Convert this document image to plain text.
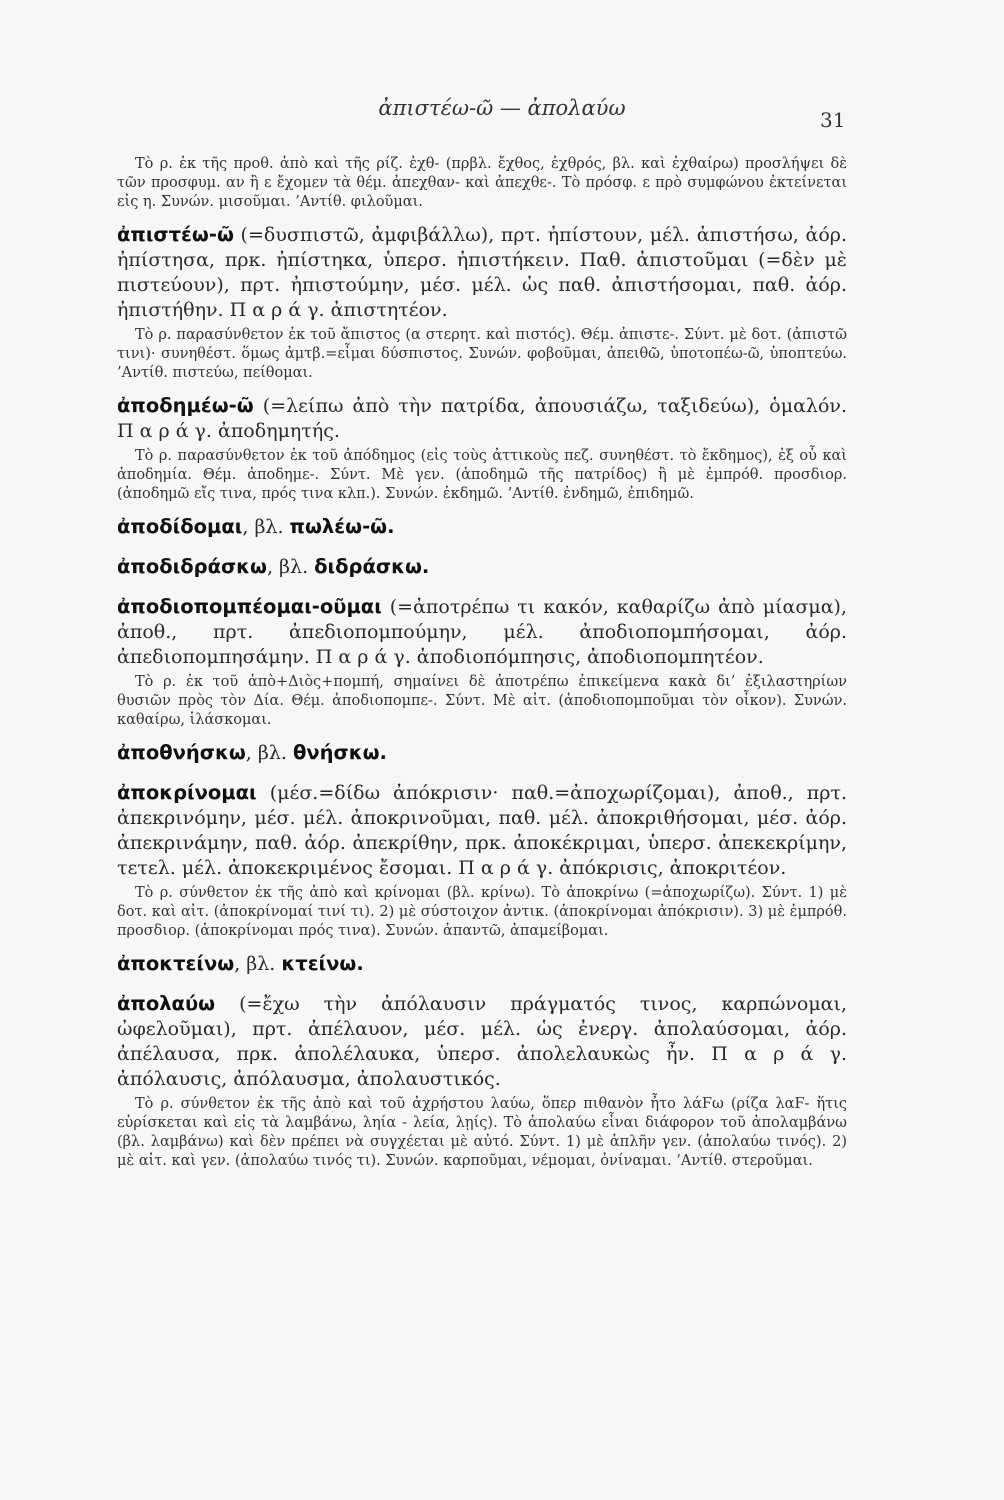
ἀπιστέω-ῶ — ἀπολαύω	31

Τὸ ρ. ἐκ τῆς προθ. ἀπὸ καὶ τῆς ρίζ. ἐχθ- (πρβλ. ἔχθος, ἐχθρός, βλ. καὶ ἐχθαίρω) προσλήψει δὲ τῶν προσφυμ. αν ἢ ε ἔχομεν τὰ θέμ. ἀπεχθαν- καὶ ἀπεχθε-. Τὸ πρόσφ. ε πρὸ συμφώνου ἐκτείνεται εἰς η. Συνών. μισοῦμαι. ’Αντίθ. φιλοῦμαι.

ἀπιστέω-ῶ (=δυσπιστῶ, ἀμφιβάλλω), πρτ. ἠπίστουν, μέλ. ἀπιστήσω, ἀόρ. ἠπίστησα, πρκ. ἠπίστηκα, ὑπερσ. ἠπιστήκειν. Παθ. ἀπιστοῦμαι (=δὲν μὲ πιστεύουν), πρτ. ἠπιστούμην, μέσ. μέλ. ὡς παθ. ἀπιστήσομαι, παθ. ἀόρ. ἠπιστήθην. Π α ρ ά γ. ἀπιστητέον.

Τὸ ρ. παρασύνθετον ἐκ τοῦ ἄπιστος (α στερητ. καὶ πιστός). Θέμ. ἀπιστε-. Σύντ. μὲ δοτ. (ἀπιστῶ τινι)· συνηθέστ. ὅμως ἀμτβ.=εἶμαι δύσπιστος. Συνών. φοβοῦμαι, ἀπειθῶ, ὑποτοπέω-ῶ, ὑποπτεύω. ’Αντίθ. πιστεύω, πείθομαι.

ἀποδημέω-ῶ (=λείπω ἀπὸ τὴν πατρίδα, ἀπουσιάζω, ταξιδεύω), ὁμαλόν. Π α ρ ά γ. ἀποδημητής.

Τὸ ρ. παρασύνθετον ἐκ τοῦ ἀπόδημος (εἰς τοὺς ἀττικοὺς πεζ. συνηθέστ. τὸ ἔκδημος), ἐξ οὗ καὶ ἀποδημία. Θέμ. ἀποδημε-. Σύντ. Μὲ γεν. (ἀποδημῶ τῆς πατρίδος) ἢ μὲ ἐμπρόθ. προσδιορ. (ἀποδημῶ εἴς τινα, πρός τινα κλπ.). Συνών. ἐκδημῶ. ’Αντίθ. ἐνδημῶ, ἐπιδημῶ.

ἀποδίδομαι, βλ. πωλέω-ῶ.

ἀποδιδράσκω, βλ. διδράσκω.

ἀποδιοπομπέομαι-οῦμαι (=ἀποτρέπω τι κακόν, καθαρίζω ἀπὸ μίασμα), ἀποθ., πρτ. ἀπεδιοπομπούμην, μέλ. ἀποδιοπομπήσομαι, ἀόρ. ἀπεδιοπομπησάμην. Π α ρ ά γ. ἀποδιοπόμπησις, ἀποδιοπομπητέον.

Τὸ ρ. ἐκ τοῦ ἀπὸ+Διὸς+πομπή, σημαίνει δὲ ἀποτρέπω ἐπικείμενα κακὰ δι’ ἐξιλαστηρίων θυσιῶν πρὸς τὸν Δία. Θέμ. ἀποδιοπομπε-. Σύντ. Μὲ αἰτ. (ἀποδιοπομποῦμαι τὸν οἶκον). Συνών. καθαίρω, ἱλάσκομαι.

ἀποθνήσκω, βλ. θνήσκω.

ἀποκρίνομαι (μέσ.=δίδω ἀπόκρισιν· παθ.=ἀποχωρίζομαι), ἀποθ., πρτ. ἀπεκρινόμην, μέσ. μέλ. ἀποκρινοῦμαι, παθ. μέλ. ἀποκριθήσομαι, μέσ. ἀόρ. ἀπεκρινάμην, παθ. ἀόρ. ἀπεκρίθην, πρκ. ἀποκέκριμαι, ὑπερσ. ἀπεκεκρίμην, τετελ. μέλ. ἀποκεκριμένος ἔσομαι. Π α ρ ά γ. ἀπόκρισις, ἀποκριτέον.

Τὸ ρ. σύνθετον ἐκ τῆς ἀπὸ καὶ κρίνομαι (βλ. κρίνω). Τὸ ἀποκρίνω (=ἀποχωρίζω). Σύντ. 1) μὲ δοτ. καὶ αἰτ. (ἀποκρίνομαί τινί τι). 2) μὲ σύστοιχον ἀντικ. (ἀποκρίνομαι ἀπόκρισιν). 3) μὲ ἐμπρόθ. προσδιορ. (ἀποκρίνομαι πρός τινα). Συνών. ἀπαντῶ, ἀπαμείβομαι.

ἀποκτείνω, βλ. κτείνω.

ἀπολαύω (=ἔχω τὴν ἀπόλαυσιν πράγματός τινος, καρπώνομαι, ὠφελοῦμαι), πρτ. ἀπέλαυον, μέσ. μέλ. ὡς ἐνεργ. ἀπολαύσομαι, ἀόρ. ἀπέλαυσα, πρκ. ἀπολέλαυκα, ὑπερσ. ἀπολελαυκὼς ἦν. Π α ρ ά γ. ἀπόλαυσις, ἀπόλαυσμα, ἀπολαυστικός.

Τὸ ρ. σύνθετον ἐκ τῆς ἀπὸ καὶ τοῦ ἀχρήστου λαύω, ὅπερ πιθανὸν ἦτο λάϜω (ρίζα λαϜ- ἥτις εὑρίσκεται καὶ εἰς τὰ λαμβάνω, ληία - λεία, λῃίς). Τὸ ἀπολαύω εἶναι διάφορον τοῦ ἀπολαμβάνω (βλ. λαμβάνω) καὶ δὲν πρέπει νὰ συγχέεται μὲ αὐτό. Σύντ. 1) μὲ ἁπλῆν γεν. (ἀπολαύω τινός). 2) μὲ αἰτ. καὶ γεν. (ἀπολαύω τινός τι). Συνών. καρποῦμαι, νέμομαι, ὀνίναμαι. ’Αντίθ. στεροῦμαι.
